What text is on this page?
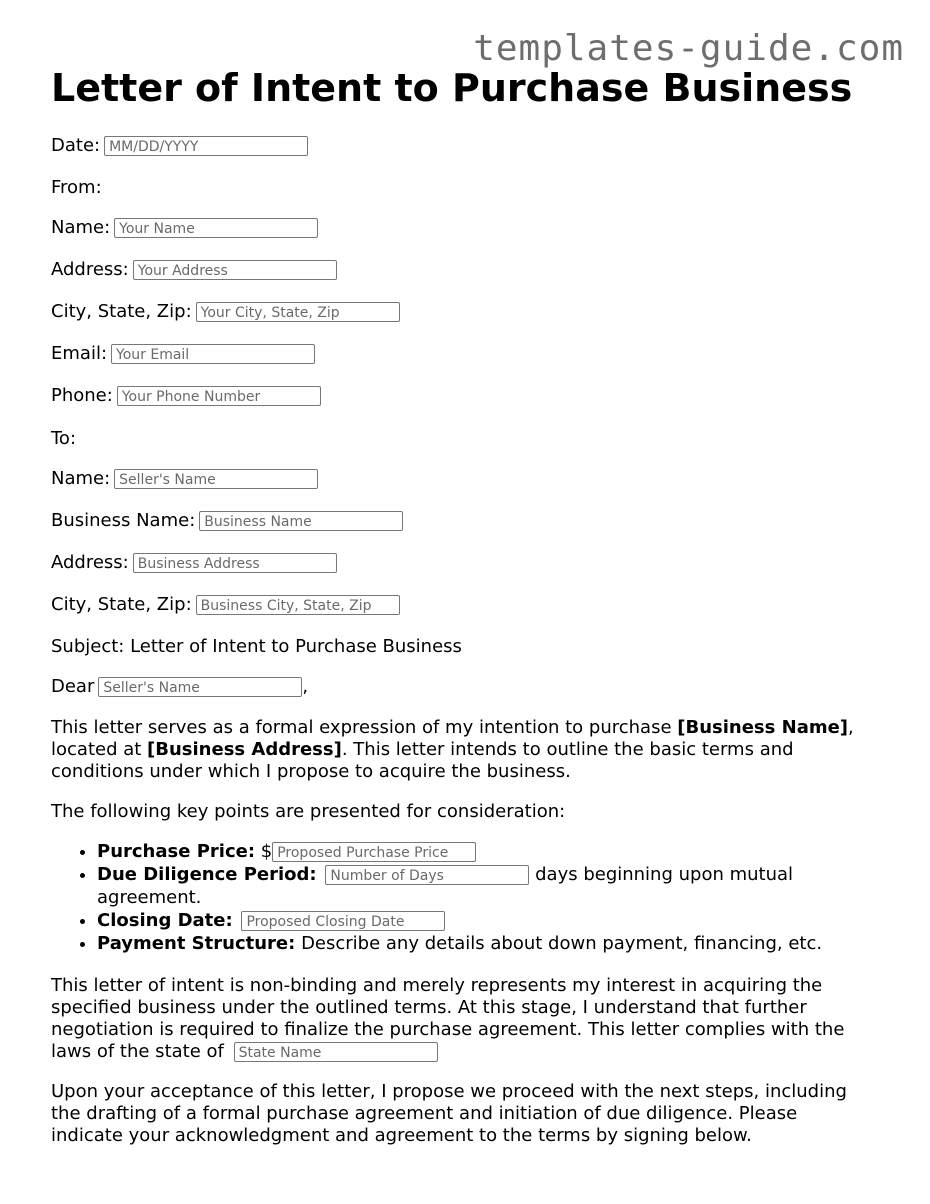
templates-guide.com
Letter of Intent to Purchase Business
Date: MM/DD/YYYY
From:
Name: Your Name
Address: Your Address
City, State, Zip: Your City, State, Zip
Email: Your Email
Phone: Your Phone Number
To:
Name: Seller's Name
Business Name: Business Name
Address: Business Address
City, State, Zip: Business City, State, Zip
Subject: Letter of Intent to Purchase Business
Dear Seller's Name	,

This letter serves as a formal expression of my intention to purchase [Business Name], located at [Business Address]. This letter intends to outline the basic terms and conditions under which I propose to acquire the business.

The following key points are presented for consideration:

• Purchase Price: $ Proposed Purchase Price
• Due Diligence Period: Number of Days	days beginning upon mutual agreement.
• Closing Date: Proposed Closing Date
• Payment Structure: Describe any details about down payment, financing, etc.

This letter of intent is non-binding and merely represents my interest in acquiring the specified business under the outlined terms. At this stage, I understand that further negotiation is required to finalize the purchase agreement. This letter complies with the laws of the state of State Name

Upon your acceptance of this letter, I propose we proceed with the next steps, including the drafting of a formal purchase agreement and initiation of due diligence. Please indicate your acknowledgment and agreement to the terms by signing below.
